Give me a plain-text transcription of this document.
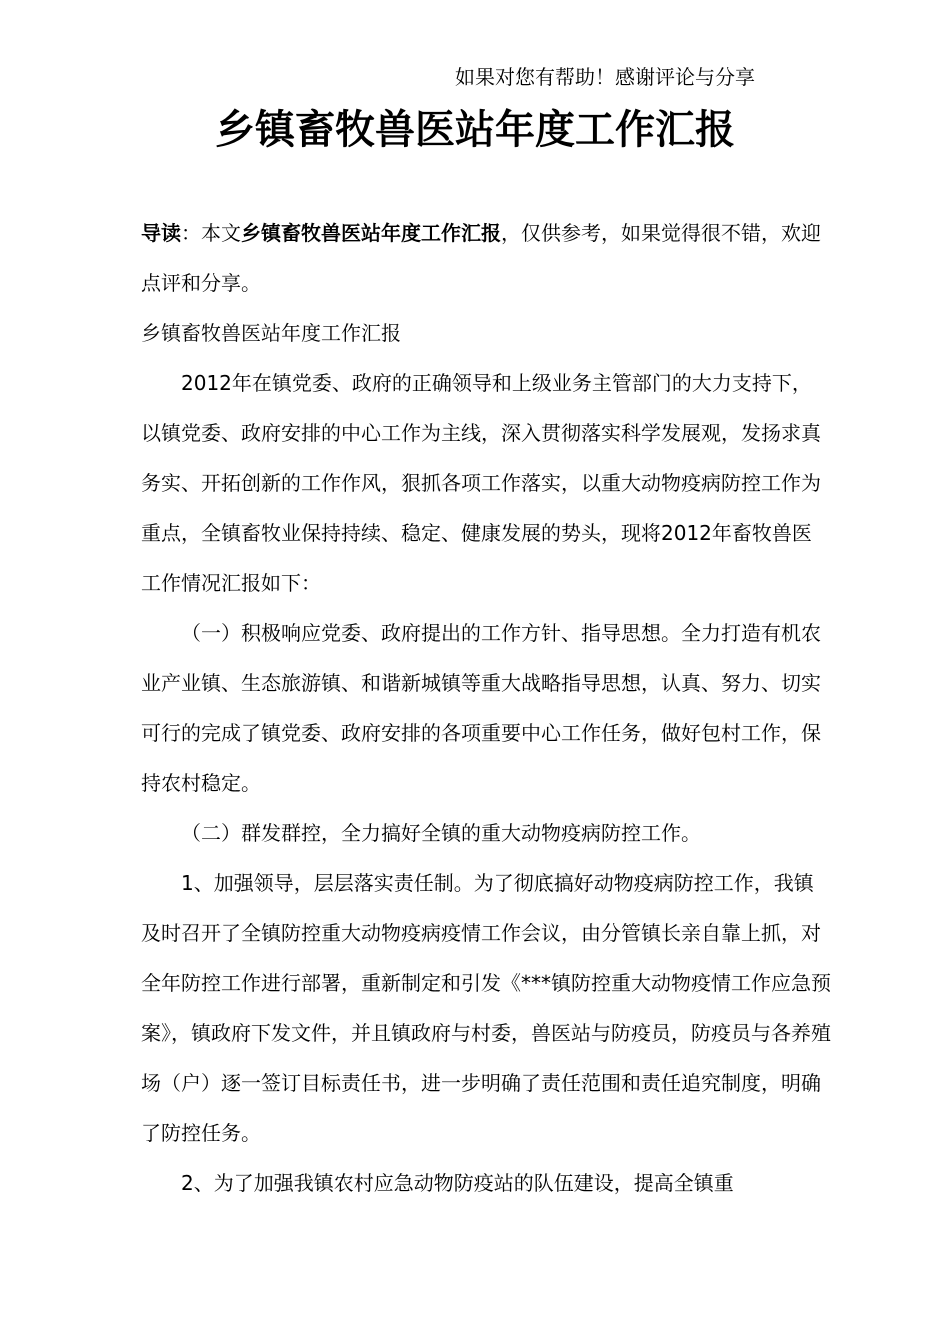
如果对您有帮助！感谢评论与分享
乡镇畜牧兽医站年度工作汇报

导读：本文乡镇畜牧兽医站年度工作汇报，仅供参考，如果觉得很不错，欢迎点评和分享。

乡镇畜牧兽医站年度工作汇报

2012年在镇党委、政府的正确领导和上级业务主管部门的大力支持下，以镇党委、政府安排的中心工作为主线，深入贯彻落实科学发展观，发扬求真务实、开拓创新的工作作风，狠抓各项工作落实，以重大动物疫病防控工作为重点，全镇畜牧业保持持续、稳定、健康发展的势头，现将2012年畜牧兽医工作情况汇报如下：

（一）积极响应党委、政府提出的工作方针、指导思想。全力打造有机农业产业镇、生态旅游镇、和谐新城镇等重大战略指导思想，认真、努力、切实可行的完成了镇党委、政府安排的各项重要中心工作任务，做好包村工作，保持农村稳定。

（二）群发群控，全力搞好全镇的重大动物疫病防控工作。

1、加强领导，层层落实责任制。为了彻底搞好动物疫病防控工作，我镇及时召开了全镇防控重大动物疫病疫情工作会议，由分管镇长亲自靠上抓，对全年防控工作进行部署，重新制定和引发《***镇防控重大动物疫情工作应急预案》，镇政府下发文件，并且镇政府与村委，兽医站与防疫员，防疫员与各养殖场（户）逐一签订目标责任书，进一步明确了责任范围和责任追究制度，明确了防控任务。

2、为了加强我镇农村应急动物防疫站的队伍建设，提高全镇重
